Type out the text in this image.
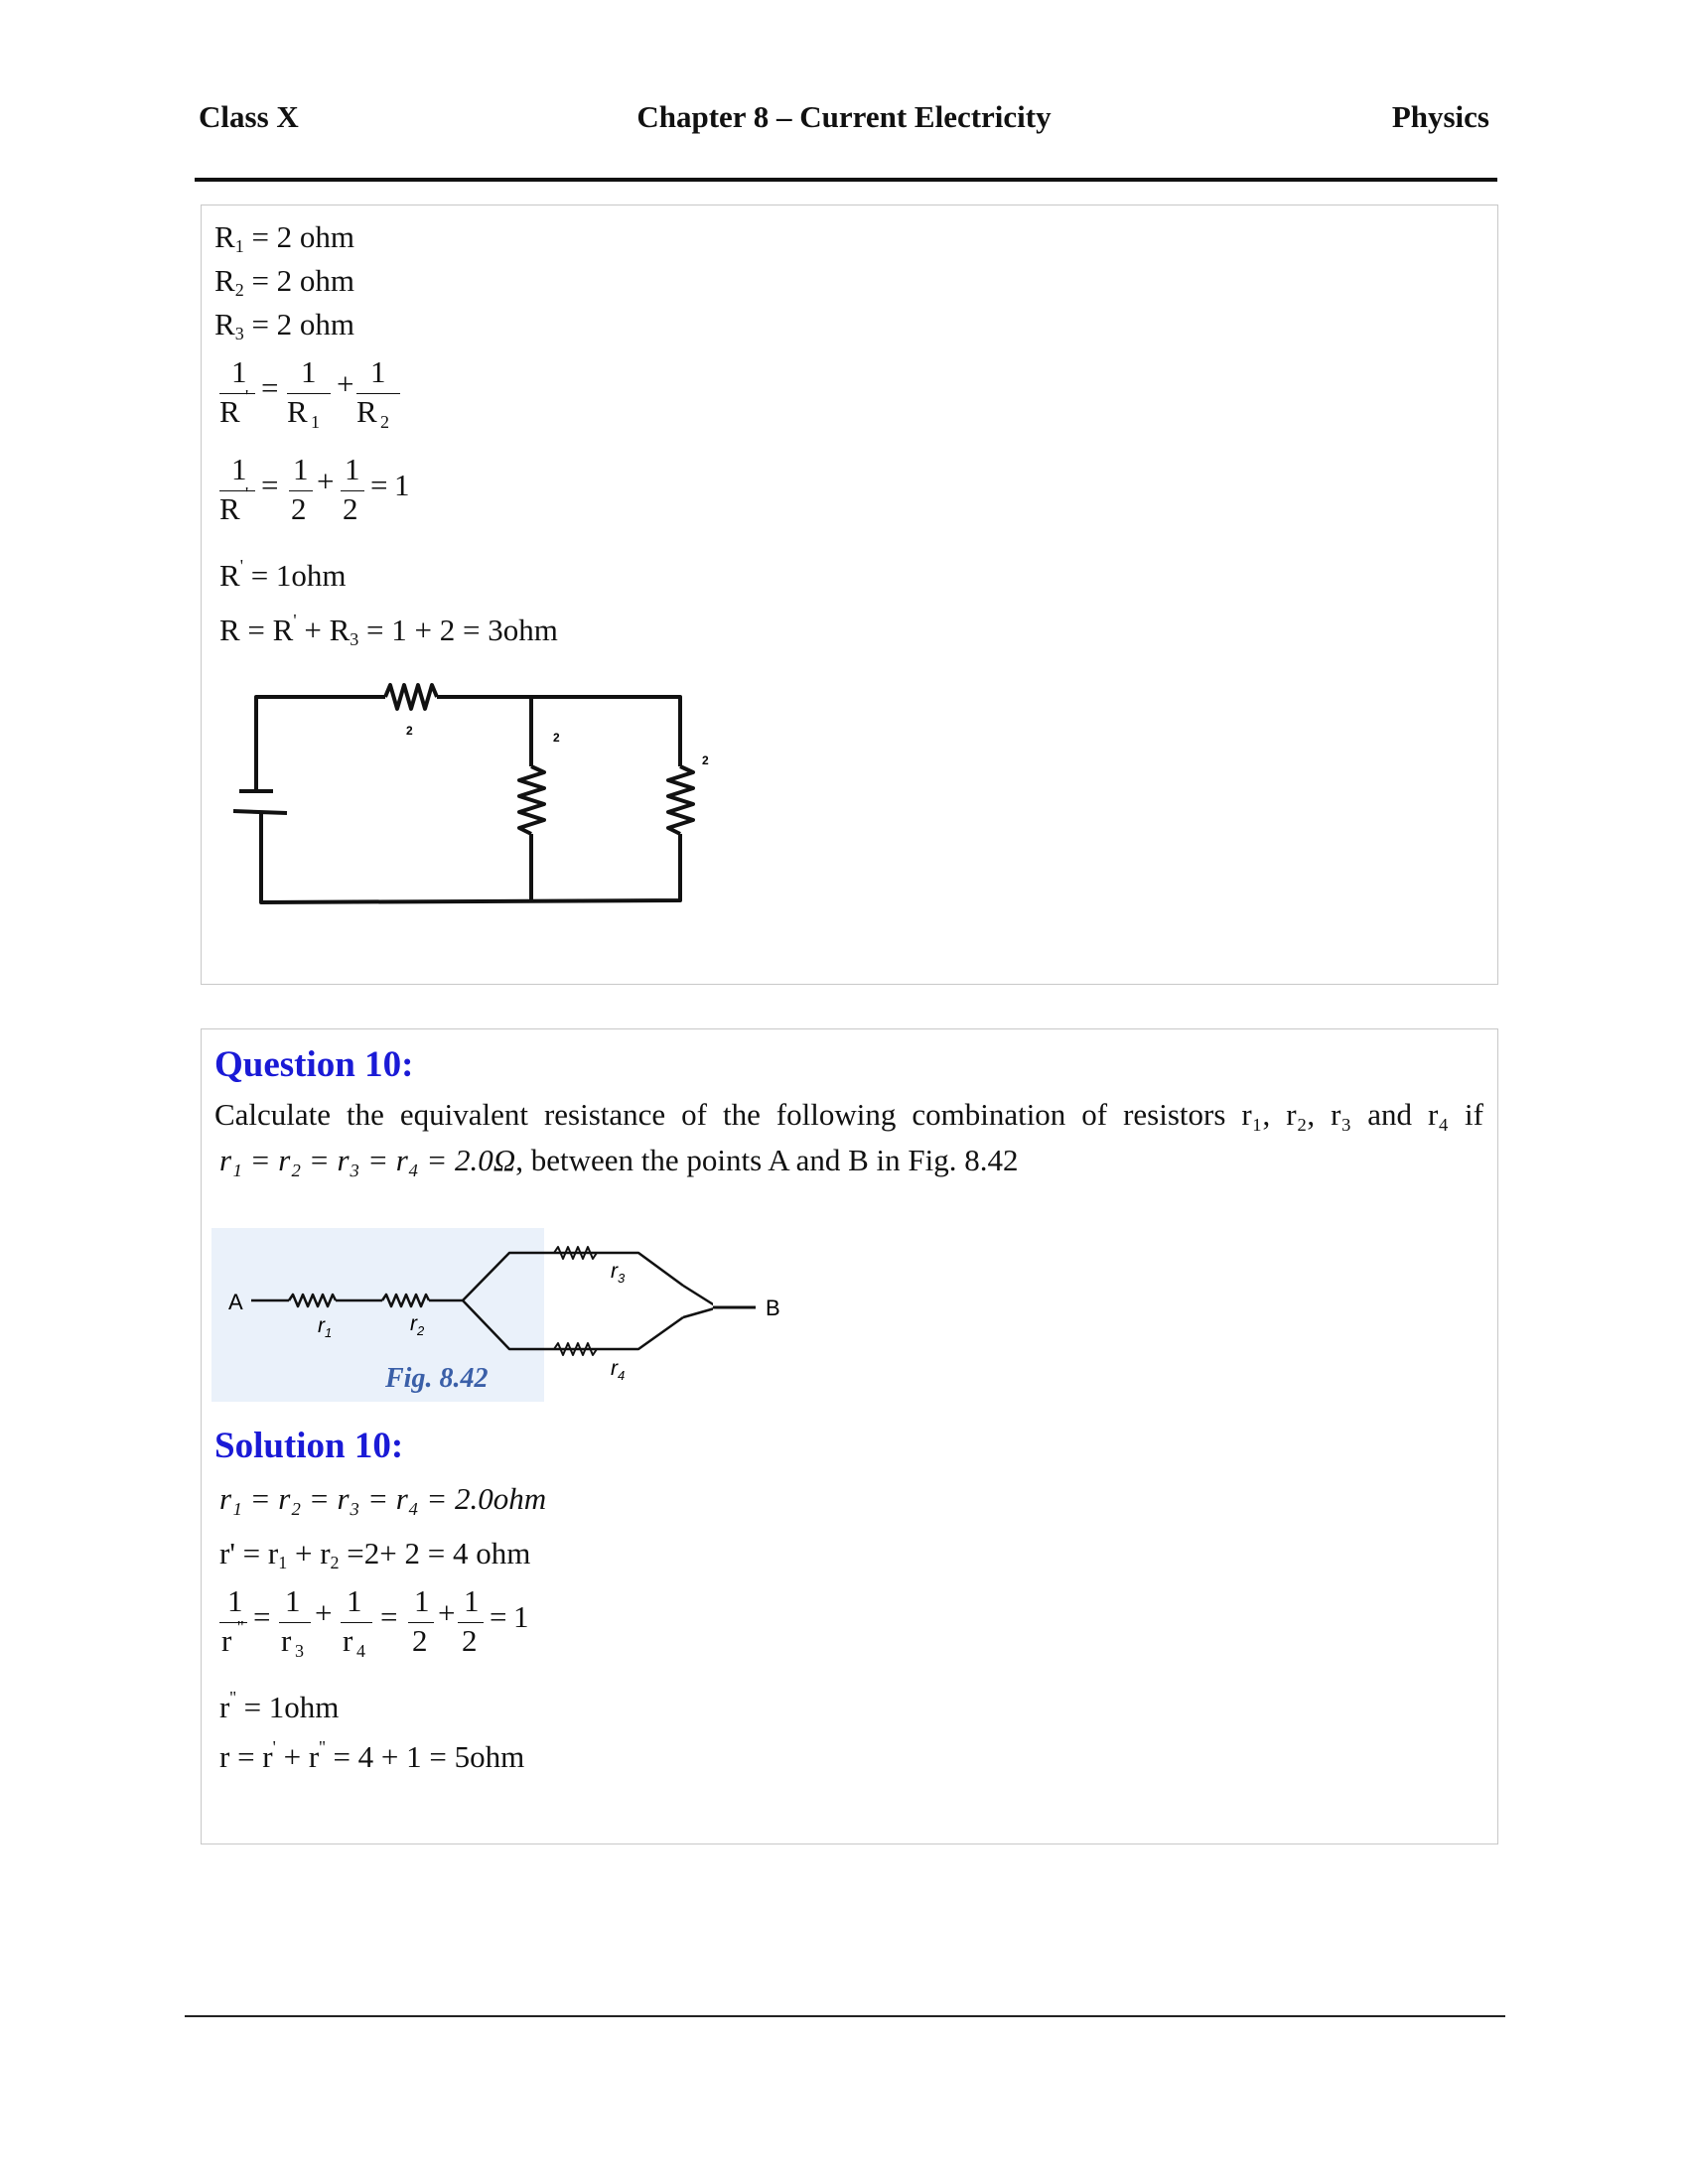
Class X	Chapter 8 – Current Electricity	Physics
$R_1 = 2$ ohm
$R_2 = 2$ ohm
$R_3 = 2$ ohm
1
R ' = 1
R 1
+ 1
R 2
1
R ' = 1
2
+ 1
2
= 1
R' = 1ohm
$R = R' + R_3 = 1 + 2 = 3ohm$
2	2
2
Question 10:
Calculate the equivalent resistance of the following combination of resistors r₁, r₂, r₃ and r₄ if
r₁ = r₂ = r₃ = r₄ = 2.0Ω, between the points A and B in Fig. 8.42
A	B
$r_1$	$r_2$
$r_3$
$r_4$
Fig. 8.42
Solution 10:
r₁ = r₂ = r₃ = r₄ = 2.0ohm
$r' = r_1 + r_2 =2+ 2 = 4$ ohm
1
r '' = 1
r 3
+ 1
r 4
= 1
2
+ 1
2
= 1
r'' = 1ohm
r = r' + r'' = 4 + 1 = 5ohm
